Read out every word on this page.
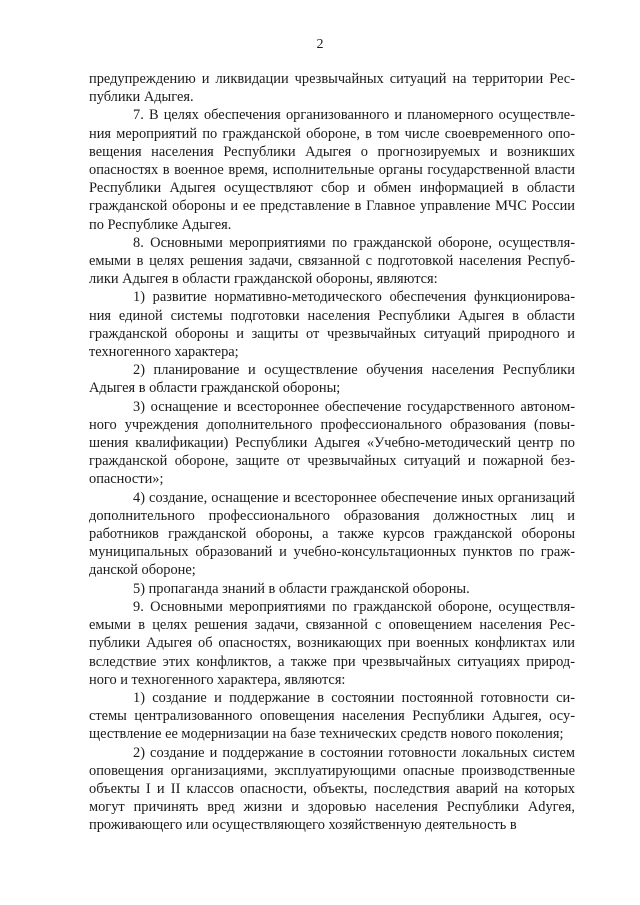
2

предупреждению и ликвидации чрезвычайных ситуаций на территории Республики Адыгея.

7. В целях обеспечения организованного и планомерного осуществления мероприятий по гражданской обороне, в том числе своевременного оповещения населения Республики Адыгея о прогнозируемых и возникших опасностях в военное время, исполнительные органы государственной власти Республики Адыгея осуществляют сбор и обмен информацией в области гражданской обороны и ее представление в Главное управление МЧС России по Республике Адыгея.

8. Основными мероприятиями по гражданской обороне, осуществляемыми в целях решения задачи, связанной с подготовкой населения Республики Адыгея в области гражданской обороны, являются:

1) развитие нормативно-методического обеспечения функционирования единой системы подготовки населения Республики Адыгея в области гражданской обороны и защиты от чрезвычайных ситуаций природного и техногенного характера;

2) планирование и осуществление обучения населения Республики Адыгея в области гражданской обороны;

3) оснащение и всестороннее обеспечение государственного автономного учреждения дополнительного профессионального образования (повышения квалификации) Республики Адыгея «Учебно-методический центр по гражданской обороне, защите от чрезвычайных ситуаций и пожарной безопасности»;

4) создание, оснащение и всестороннее обеспечение иных организаций дополнительного профессионального образования должностных лиц и работников гражданской обороны, а также курсов гражданской обороны муниципальных образований и учебно-консультационных пунктов по гражданской обороне;

5) пропаганда знаний в области гражданской обороны.

9. Основными мероприятиями по гражданской обороне, осуществляемыми в целях решения задачи, связанной с оповещением населения Республики Адыгея об опасностях, возникающих при военных конфликтах или вследствие этих конфликтов, а также при чрезвычайных ситуациях природного и техногенного характера, являются:

1) создание и поддержание в состоянии постоянной готовности системы централизованного оповещения населения Республики Адыгея, осуществление ее модернизации на базе технических средств нового поколения;

2) создание и поддержание в состоянии готовности локальных систем оповещения организациями, эксплуатирующими опасные производственные объекты I и II классов опасности, объекты, последствия аварий на которых могут причинять вред жизни и здоровью населения Республики Adyгея, проживающего или осуществляющего хозяйственную деятельность в
